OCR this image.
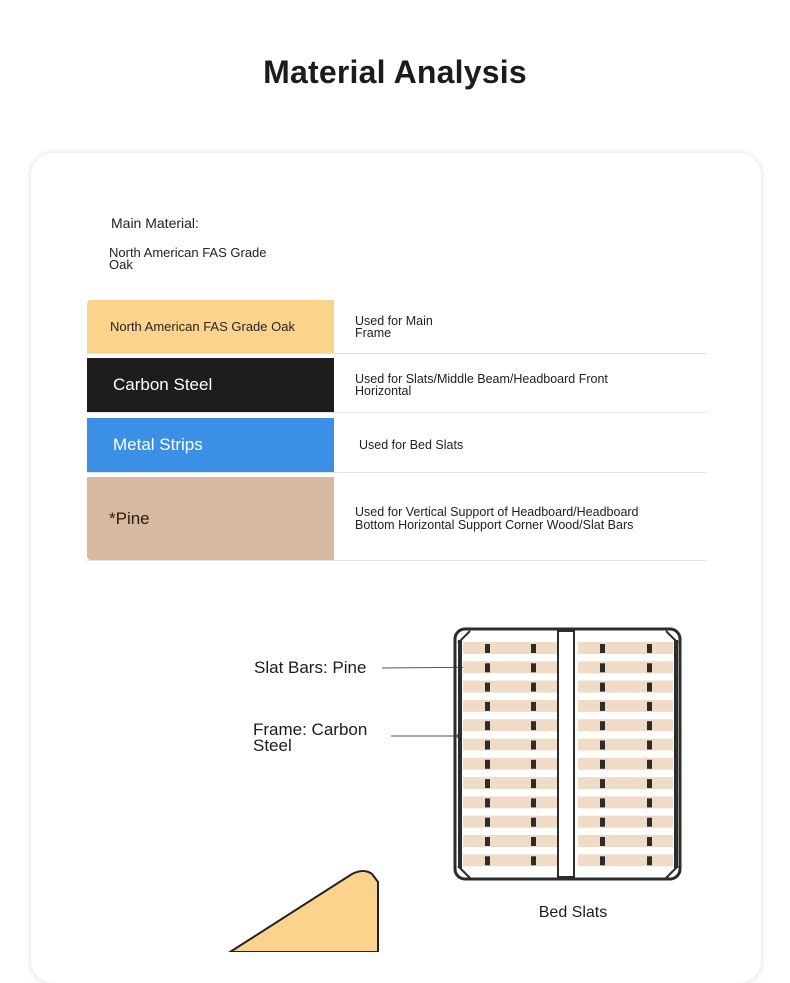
Material Analysis
Main Material:
North American FAS Grade Oak
North American FAS Grade Oak	Used for Main Frame
Carbon Steel	Used for Slats/Middle Beam/Headboard Front Horizontal
Metal Strips	Used for Bed Slats
*Pine	Used for Vertical Support of Headboard/Headboard Bottom Horizontal Support Corner Wood/Slat Bars
Slat Bars: Pine
Frame: Carbon Steel
Bed Slats
